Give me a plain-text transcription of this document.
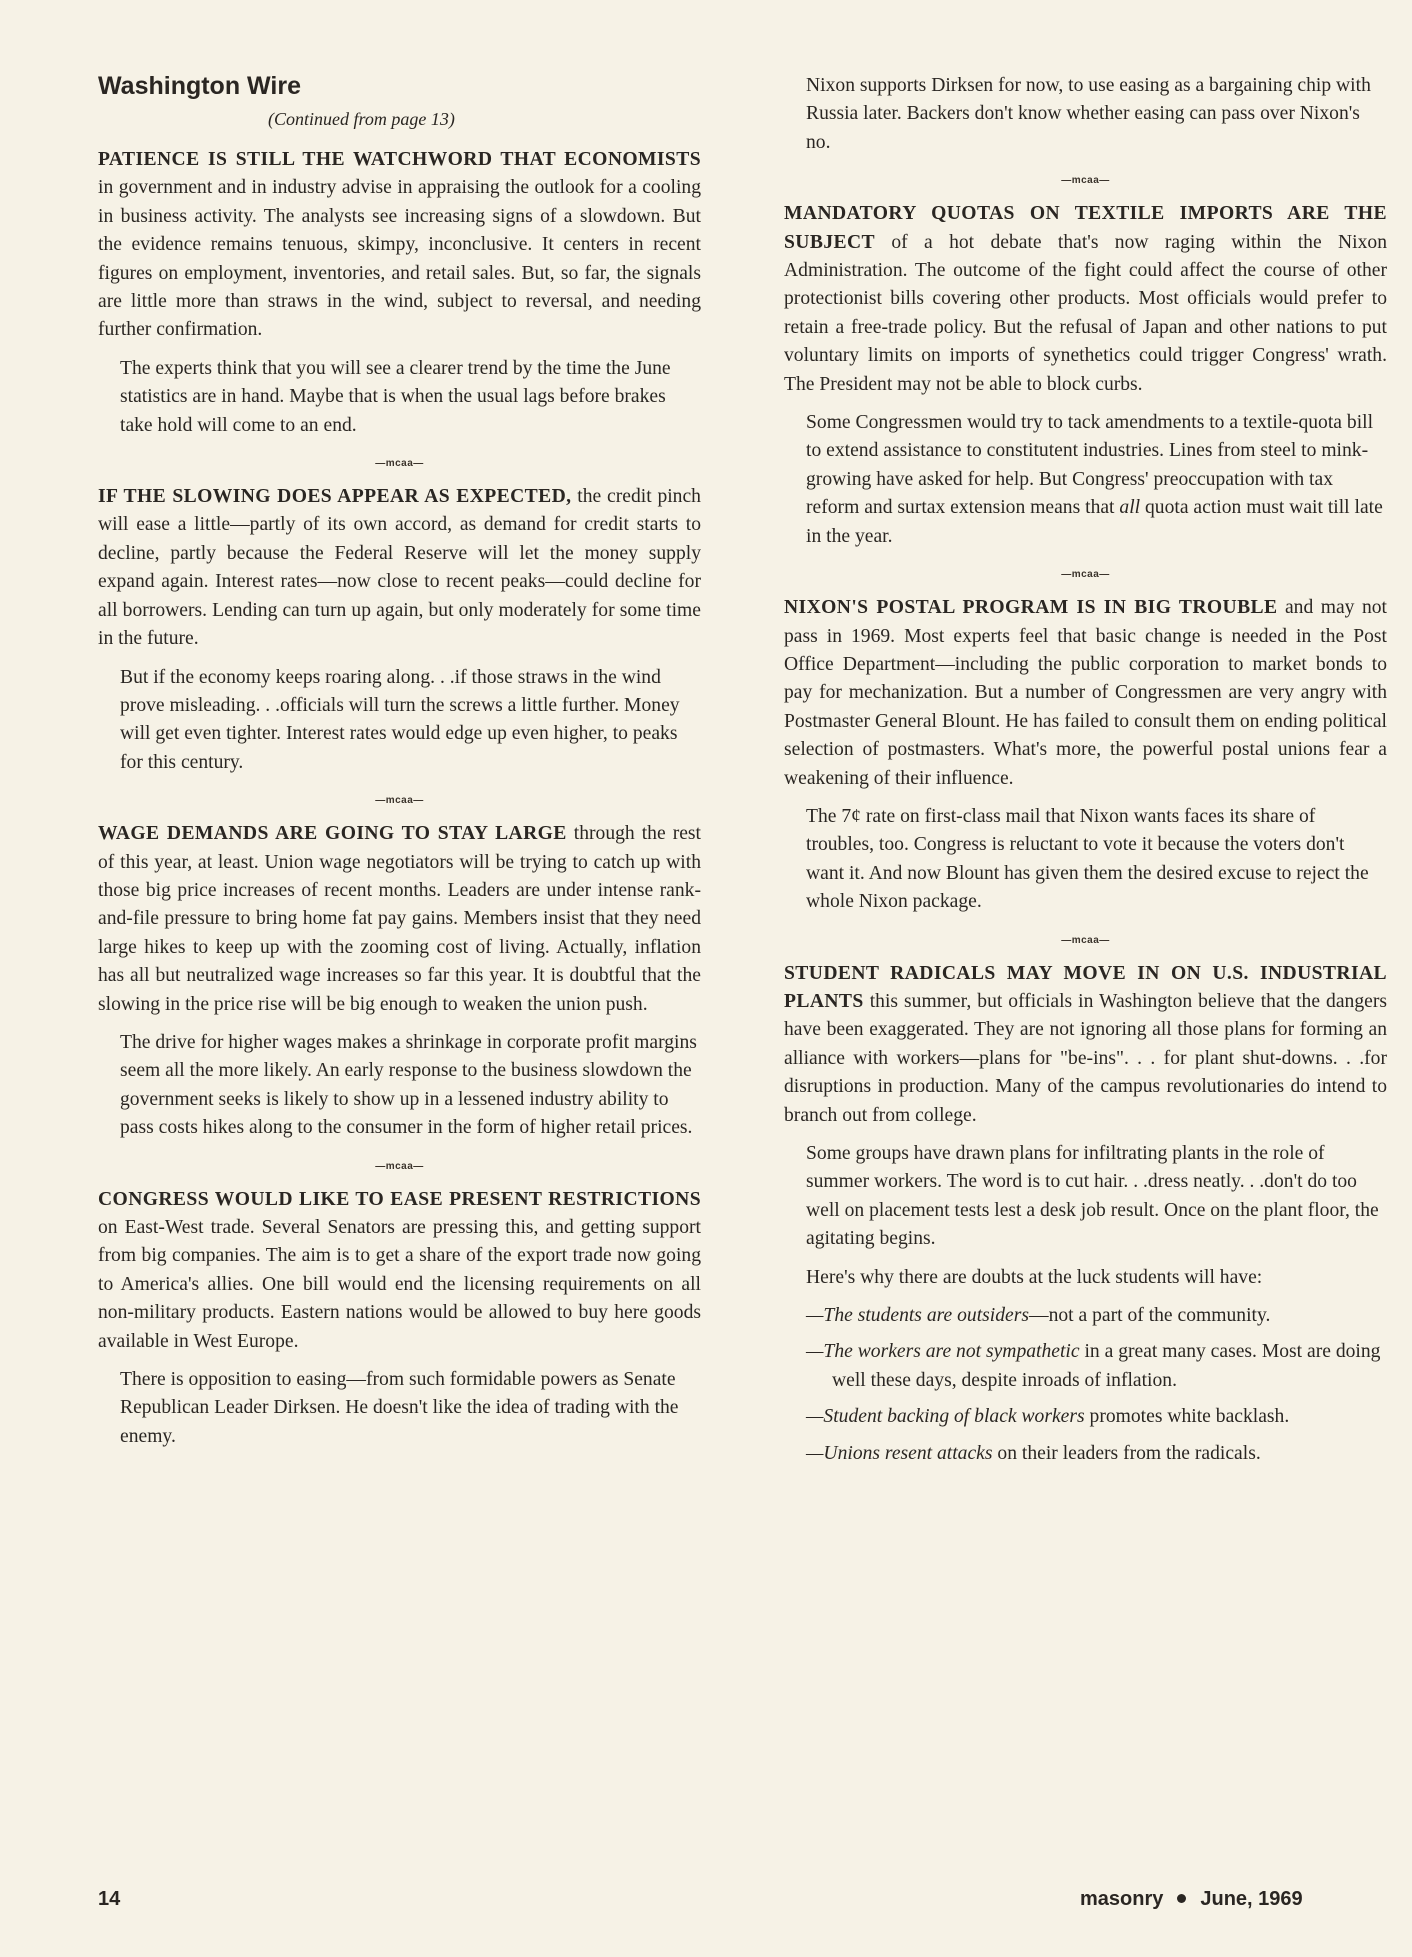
Washington Wire
(Continued from page 13)

PATIENCE IS STILL THE WATCHWORD THAT ECONOMISTS in government and in industry advise in appraising the outlook for a cooling in business activity. The analysts see increasing signs of a slowdown. But the evidence remains tenuous, skimpy, inconclusive. It centers in recent figures on employment, inventories, and retail sales. But, so far, the signals are little more than straws in the wind, subject to reversal, and needing further confirmation.

The experts think that you will see a clearer trend by the time the June statistics are in hand. Maybe that is when the usual lags before brakes take hold will come to an end.

—mcaa—

IF THE SLOWING DOES APPEAR AS EXPECTED, the credit pinch will ease a little—partly of its own accord, as demand for credit starts to decline, partly because the Federal Reserve will let the money supply expand again. Interest rates—now close to recent peaks—could decline for all borrowers. Lending can turn up again, but only moderately for some time in the future.

But if the economy keeps roaring along. . .if those straws in the wind prove misleading. . .officials will turn the screws a little further. Money will get even tighter. Interest rates would edge up even higher, to peaks for this century.

—mcaa—

WAGE DEMANDS ARE GOING TO STAY LARGE through the rest of this year, at least. Union wage negotiators will be trying to catch up with those big price increases of recent months. Leaders are under intense rank-and-file pressure to bring home fat pay gains. Members insist that they need large hikes to keep up with the zooming cost of living. Actually, inflation has all but neutralized wage increases so far this year. It is doubtful that the slowing in the price rise will be big enough to weaken the union push.

The drive for higher wages makes a shrinkage in corporate profit margins seem all the more likely. An early response to the business slowdown the government seeks is likely to show up in a lessened industry ability to pass costs hikes along to the consumer in the form of higher retail prices.

—mcaa—

CONGRESS WOULD LIKE TO EASE PRESENT RESTRICTIONS on East-West trade. Several Senators are pressing this, and getting support from big companies. The aim is to get a share of the export trade now going to America's allies. One bill would end the licensing requirements on all non-military products. Eastern nations would be allowed to buy here goods available in West Europe.

There is opposition to easing—from such formidable powers as Senate Republican Leader Dirksen. He doesn't like the idea of trading with the enemy.

Nixon supports Dirksen for now, to use easing as a bargaining chip with Russia later. Backers don't know whether easing can pass over Nixon's no.

—mcaa—

MANDATORY QUOTAS ON TEXTILE IMPORTS ARE THE SUBJECT of a hot debate that's now raging within the Nixon Administration. The outcome of the fight could affect the course of other protectionist bills covering other products. Most officials would prefer to retain a free-trade policy. But the refusal of Japan and other nations to put voluntary limits on imports of synethetics could trigger Congress' wrath. The President may not be able to block curbs.

Some Congressmen would try to tack amendments to a textile-quota bill to extend assistance to constitutent industries. Lines from steel to mink-growing have asked for help. But Congress' preoccupation with tax reform and surtax extension means that all quota action must wait till late in the year.

—mcaa—

NIXON'S POSTAL PROGRAM IS IN BIG TROUBLE and may not pass in 1969. Most experts feel that basic change is needed in the Post Office Department—including the public corporation to market bonds to pay for mechanization. But a number of Congressmen are very angry with Postmaster General Blount. He has failed to consult them on ending political selection of postmasters. What's more, the powerful postal unions fear a weakening of their influence.

The 7¢ rate on first-class mail that Nixon wants faces its share of troubles, too. Congress is reluctant to vote it because the voters don't want it. And now Blount has given them the desired excuse to reject the whole Nixon package.

—mcaa—

STUDENT RADICALS MAY MOVE IN ON U.S. INDUSTRIAL PLANTS this summer, but officials in Washington believe that the dangers have been exaggerated. They are not ignoring all those plans for forming an alliance with workers—plans for "be-ins". . . for plant shut-downs. . .for disruptions in production. Many of the campus revolutionaries do intend to branch out from college.

Some groups have drawn plans for infiltrating plants in the role of summer workers. The word is to cut hair. . .dress neatly. . .don't do too well on placement tests lest a desk job result. Once on the plant floor, the agitating begins.

Here's why there are doubts at the luck students will have:

—The students are outsiders—not a part of the community.
—The workers are not sympathetic in a great many cases. Most are doing well these days, despite inroads of inflation.
—Student backing of black workers promotes white backlash.
—Unions resent attacks on their leaders from the radicals.
14	masonry June, 1969
